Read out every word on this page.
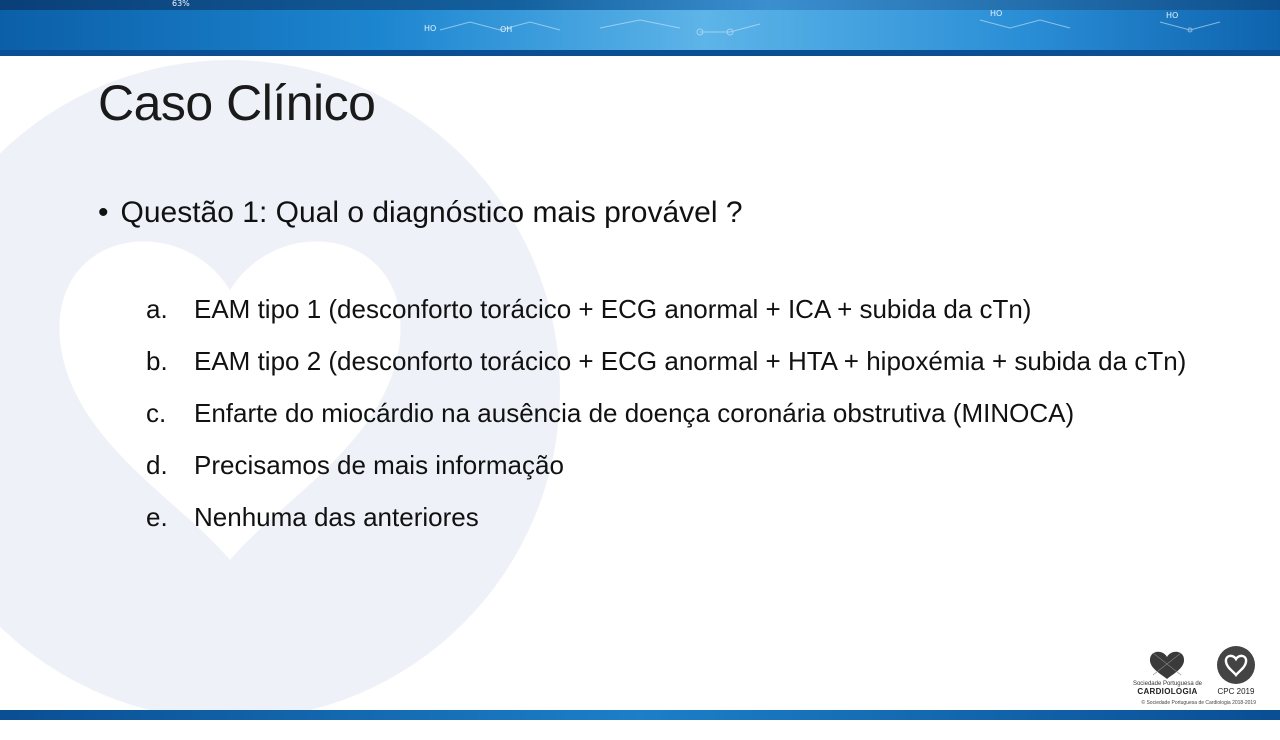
HO	OH
HO	HO
63%
Caso Clínico
• Questão 1: Qual o diagnóstico mais provável ?
a.	EAM tipo 1 (desconforto torácico + ECG anormal + ICA + subida da cTn)
b.	EAM tipo 2 (desconforto torácico + ECG anormal + HTA + hipoxémia + subida da cTn)
c.	Enfarte do miocárdio na ausência de doença coronária obstrutiva (MINOCA)
d.	Precisamos de mais informação
e.	Nenhuma das anteriores
Sociedade Portuguesa de
CARDIOLOGIA CPC 2019
© Sociedade Portuguesa de Cardiologia 2018-2019
